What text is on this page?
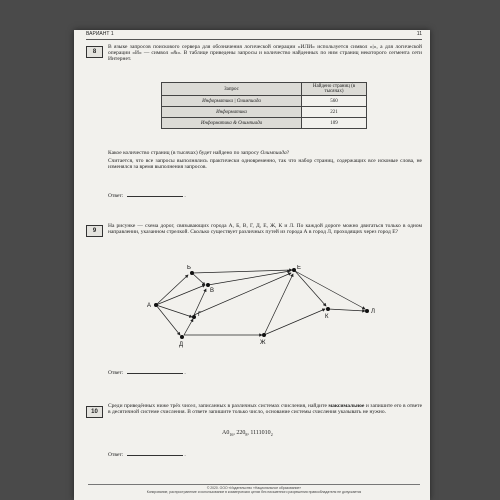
ВАРИАНТ 1	11
8
В языке запросов поискового сервера для обозначения логической операции «ИЛИ» используется символ «|», а для логической операции «И» — символ «&». В таблице приведены запросы и количество найденных по ним страниц некоторого сегмента сети Интернет.
Запрос	Найдено страниц (в тысячах)
Информатика | Олимпиада	560
Информатика	221
Информатика & Олимпиада	109
Какое количество страниц (в тысячах) будет найдено по запросу Олимпиада?
Считается, что все запросы выполнялись практически одновременно, так что набор страниц, содержащих все искомые слова, не изменялся за время выполнения запросов.
Ответ:	.
9
На рисунке — схема дорог, связывающих города А, Б, В, Г, Д, Е, Ж, К и Л. По каждой дороге можно двигаться только в одном направлении, указанном стрелкой. Сколько существует различных путей из города А в город Л, проходящих через город Е?
А
Б
В
Г
Д
Е
Ж
К
Л
Ответ:	.
10
Среди приведённых ниже трёх чисел, записанных в различных системах счисления, найдите максимальное и запишите его в ответе в десятичной системе счисления. В ответе запишите только число, основание системы счисления указывать не нужно.
$A0_{16}$, $220_8$, $1111010_2$
Ответ:	.
© 2020. ООО «Издательство «Национальное образование»
Копирование, распространение и использование в коммерческих целях без письменного разрешения правообладателя не допускается
